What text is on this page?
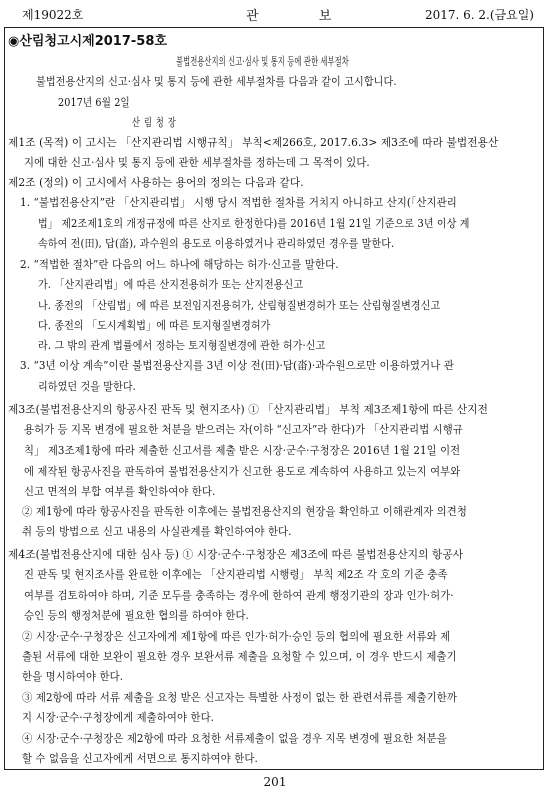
제19022호	관 보	2017. 6. 2.(금요일)
◉산림청고시제2017-58호
불법전용산지의 신고·심사 및 통지 등에 관한 세부절차
불법전용산지의 신고·심사 및 통지 등에 관한 세부절차를 다음과 같이 고시합니다.
2017년 6월 2일
산 림 청 장
제1조 (목적) 이 고시는 「산지관리법 시행규칙」 부칙<제266호, 2017.6.3> 제3조에 따라 불법전용산
지에 대한 신고·심사 및 통지 등에 관한 세부절차를 정하는데 그 목적이 있다.
제2조 (정의) 이 고시에서 사용하는 용어의 정의는 다음과 같다.
1. “불법전용산지”란 「산지관리법」 시행 당시 적법한 절차를 거치지 아니하고 산지(「산지관리
법」 제2조제1호의 개정규정에 따른 산지로 한정한다)를 2016년 1월 21일 기준으로 3년 이상 계
속하여 전(田), 답(畓), 과수원의 용도로 이용하였거나 관리하였던 경우를 말한다.
2. “적법한 절차”란 다음의 어느 하나에 해당하는 허가·신고를 말한다.
가. 「산지관리법」에 따른 산지전용허가 또는 산지전용신고
나. 종전의 「산림법」에 따른 보전임지전용허가, 산림형질변경허가 또는 산림형질변경신고
다. 종전의 「도시계획법」에 따른 토지형질변경허가
라. 그 밖의 관계 법률에서 정하는 토지형질변경에 관한 허가·신고
3. “3년 이상 계속”이란 불법전용산지를 3년 이상 전(田)·답(畓)·과수원으로만 이용하였거나 관
리하였던 것을 말한다.
제3조(불법전용산지의 항공사진 판독 및 현지조사) ① 「산지관리법」 부칙 제3조제1항에 따른 산지전
용허가 등 지목 변경에 필요한 처분을 받으려는 자(이하 “신고자”라 한다)가 「산지관리법 시행규
칙」 제3조제1항에 따라 제출한 신고서를 제출 받은 시장·군수·구청장은 2016년 1월 21일 이전
에 제작된 항공사진을 판독하여 불법전용산지가 신고한 용도로 계속하여 사용하고 있는지 여부와
신고 면적의 부합 여부를 확인하여야 한다.
② 제1항에 따라 항공사진을 판독한 이후에는 불법전용산지의 현장을 확인하고 이해관계자 의견청
취 등의 방법으로 신고 내용의 사실관계를 확인하여야 한다.
제4조(불법전용산지에 대한 심사 등) ① 시장·군수·구청장은 제3조에 따른 불법전용산지의 항공사
진 판독 및 현지조사를 완료한 이후에는 「산지관리법 시행령」 부칙 제2조 각 호의 기준 충족
여부를 검토하여야 하며, 기준 모두를 충족하는 경우에 한하여 관계 행정기관의 장과 인가·허가·
승인 등의 행정처분에 필요한 협의를 하여야 한다.
② 시장·군수·구청장은 신고자에게 제1항에 따른 인가·허가·승인 등의 협의에 필요한 서류와 제
출된 서류에 대한 보완이 필요한 경우 보완서류 제출을 요청할 수 있으며, 이 경우 반드시 제출기
한을 명시하여야 한다.
③ 제2항에 따라 서류 제출을 요청 받은 신고자는 특별한 사정이 없는 한 관련서류를 제출기한까
지 시장·군수·구청장에게 제출하여야 한다.
④ 시장·군수·구청장은 제2항에 따라 요청한 서류제출이 없을 경우 지목 변경에 필요한 처분을
할 수 없음을 신고자에게 서면으로 통지하여야 한다.
201
